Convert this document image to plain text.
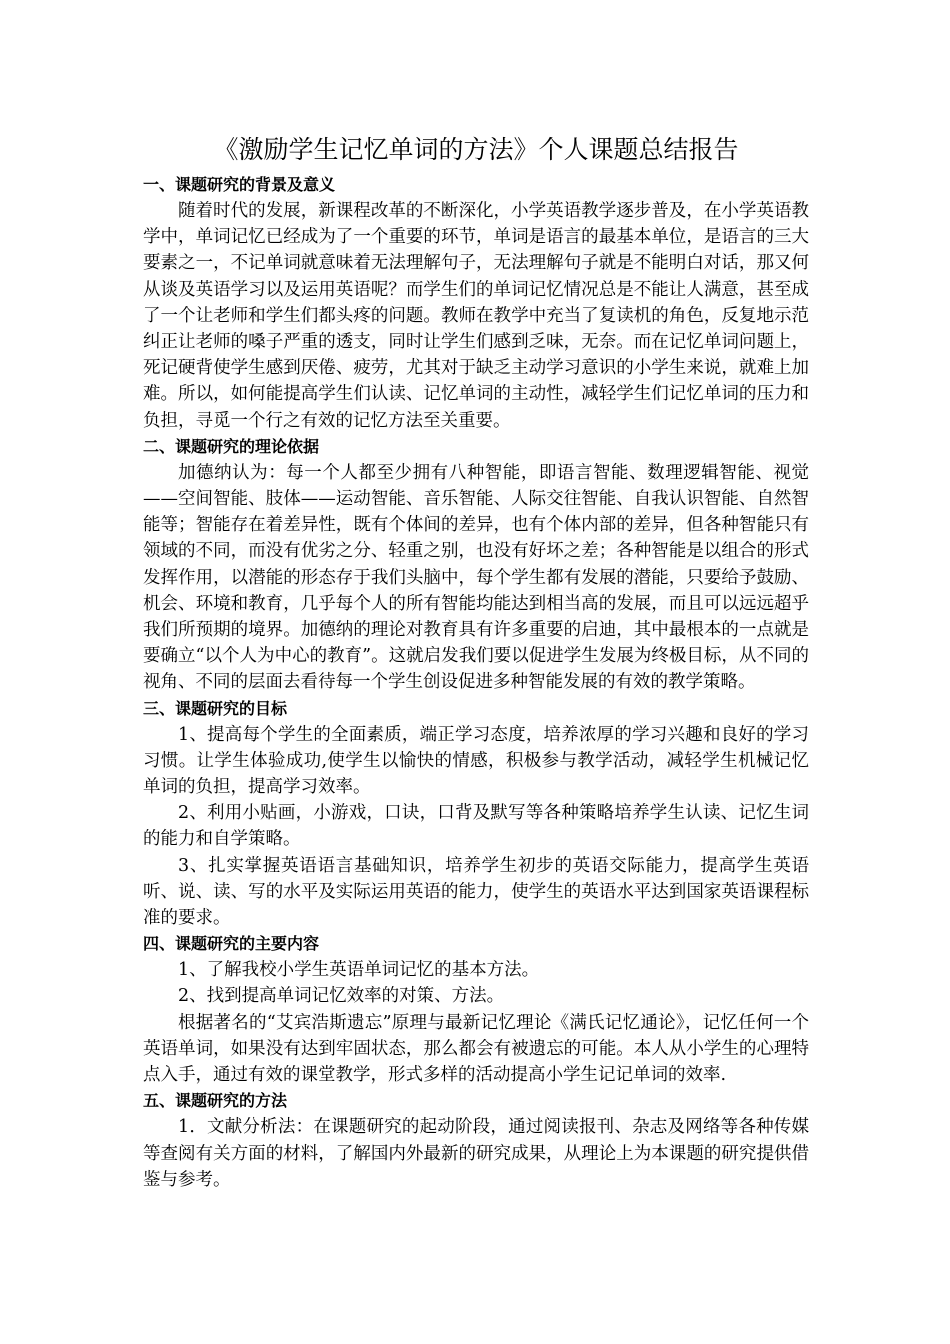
《激励学生记忆单词的方法》个人课题总结报告
一、课题研究的背景及意义

随着时代的发展，新课程改革的不断深化，小学英语教学逐步普及，在小学英语教学中，单词记忆已经成为了一个重要的环节，单词是语言的最基本单位，是语言的三大要素之一，不记单词就意味着无法理解句子，无法理解句子就是不能明白对话，那又何从谈及英语学习以及运用英语呢？而学生们的单词记忆情况总是不能让人满意，甚至成了一个让老师和学生们都头疼的问题。教师在教学中充当了复读机的角色，反复地示范纠正让老师的嗓子严重的透支，同时让学生们感到乏味，无奈。而在记忆单词问题上，死记硬背使学生感到厌倦、疲劳，尤其对于缺乏主动学习意识的小学生来说，就难上加难。所以，如何能提高学生们认读、记忆单词的主动性，减轻学生们记忆单词的压力和负担，寻觅一个行之有效的记忆方法至关重要。

二、课题研究的理论依据

加德纳认为：每一个人都至少拥有八种智能，即语言智能、数理逻辑智能、视觉——空间智能、肢体——运动智能、音乐智能、人际交往智能、自我认识智能、自然智能等；智能存在着差异性，既有个体间的差异，也有个体内部的差异，但各种智能只有领域的不同，而没有优劣之分、轻重之别，也没有好坏之差；各种智能是以组合的形式发挥作用，以潜能的形态存于我们头脑中，每个学生都有发展的潜能，只要给予鼓励、机会、环境和教育，几乎每个人的所有智能均能达到相当高的发展，而且可以远远超乎我们所预期的境界。加德纳的理论对教育具有许多重要的启迪，其中最根本的一点就是要确立“以个人为中心的教育”。这就启发我们要以促进学生发展为终极目标，从不同的视角、不同的层面去看待每一个学生创设促进多种智能发展的有效的教学策略。

三、课题研究的目标

1、提高每个学生的全面素质，端正学习态度，培养浓厚的学习兴趣和良好的学习习惯。让学生体验成功,使学生以愉快的情感，积极参与教学活动，减轻学生机械记忆单词的负担，提高学习效率。

2、利用小贴画，小游戏，口诀，口背及默写等各种策略培养学生认读、记忆生词的能力和自学策略。

3、扎实掌握英语语言基础知识，培养学生初步的英语交际能力，提高学生英语听、说、读、写的水平及实际运用英语的能力，使学生的英语水平达到国家英语课程标准的要求。

四、课题研究的主要内容

1、了解我校小学生英语单词记忆的基本方法。

2、找到提高单词记忆效率的对策、方法。

根据著名的“艾宾浩斯遗忘”原理与最新记忆理论《满氏记忆通论》，记忆任何一个英语单词，如果没有达到牢固状态，那么都会有被遗忘的可能。本人从小学生的心理特点入手，通过有效的课堂教学，形式多样的活动提高小学生记记单词的效率.

五、课题研究的方法

1．文献分析法：在课题研究的起动阶段，通过阅读报刊、杂志及网络等各种传媒等查阅有关方面的材料，了解国内外最新的研究成果，从理论上为本课题的研究提供借鉴与参考。
